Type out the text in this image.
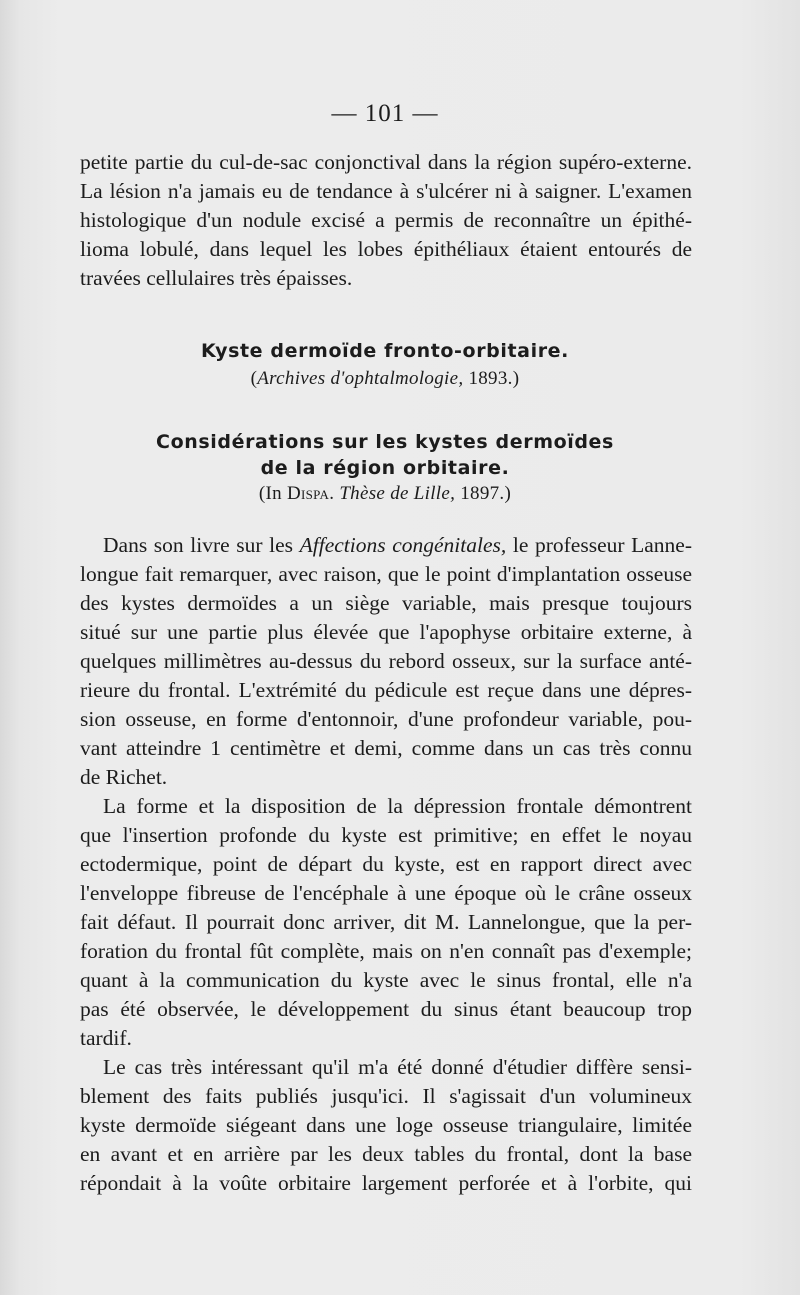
— 101 —
petite partie du cul-de-sac conjonctival dans la région supéro-externe.
La lésion n'a jamais eu de tendance à s'ulcérer ni à saigner. L'examen
histologique d'un nodule excisé a permis de reconnaître un épithé-
lioma lobulé, dans lequel les lobes épithéliaux étaient entourés de
travées cellulaires très épaisses.
Kyste dermoïde fronto-orbitaire.
(Archives d'ophtalmologie, 1893.)
Considérations sur les kystes dermoïdes
de la région orbitaire.
(In Dispa. Thèse de Lille, 1897.)
Dans son livre sur les Affections congénitales, le professeur Lanne-
longue fait remarquer, avec raison, que le point d'implantation osseuse
des kystes dermoïdes a un siège variable, mais presque toujours
situé sur une partie plus élevée que l'apophyse orbitaire externe, à
quelques millimètres au-dessus du rebord osseux, sur la surface anté-
rieure du frontal. L'extrémité du pédicule est reçue dans une dépres-
sion osseuse, en forme d'entonnoir, d'une profondeur variable, pou-
vant atteindre 1 centimètre et demi, comme dans un cas très connu
de Richet.
La forme et la disposition de la dépression frontale démontrent
que l'insertion profonde du kyste est primitive; en effet le noyau
ectodermique, point de départ du kyste, est en rapport direct avec
l'enveloppe fibreuse de l'encéphale à une époque où le crâne osseux
fait défaut. Il pourrait donc arriver, dit M. Lannelongue, que la per-
foration du frontal fût complète, mais on n'en connaît pas d'exemple;
quant à la communication du kyste avec le sinus frontal, elle n'a
pas été observée, le développement du sinus étant beaucoup trop
tardif.
Le cas très intéressant qu'il m'a été donné d'étudier diffère sensi-
blement des faits publiés jusqu'ici. Il s'agissait d'un volumineux
kyste dermoïde siégeant dans une loge osseuse triangulaire, limitée
en avant et en arrière par les deux tables du frontal, dont la base
répondait à la voûte orbitaire largement perforée et à l'orbite, qui
